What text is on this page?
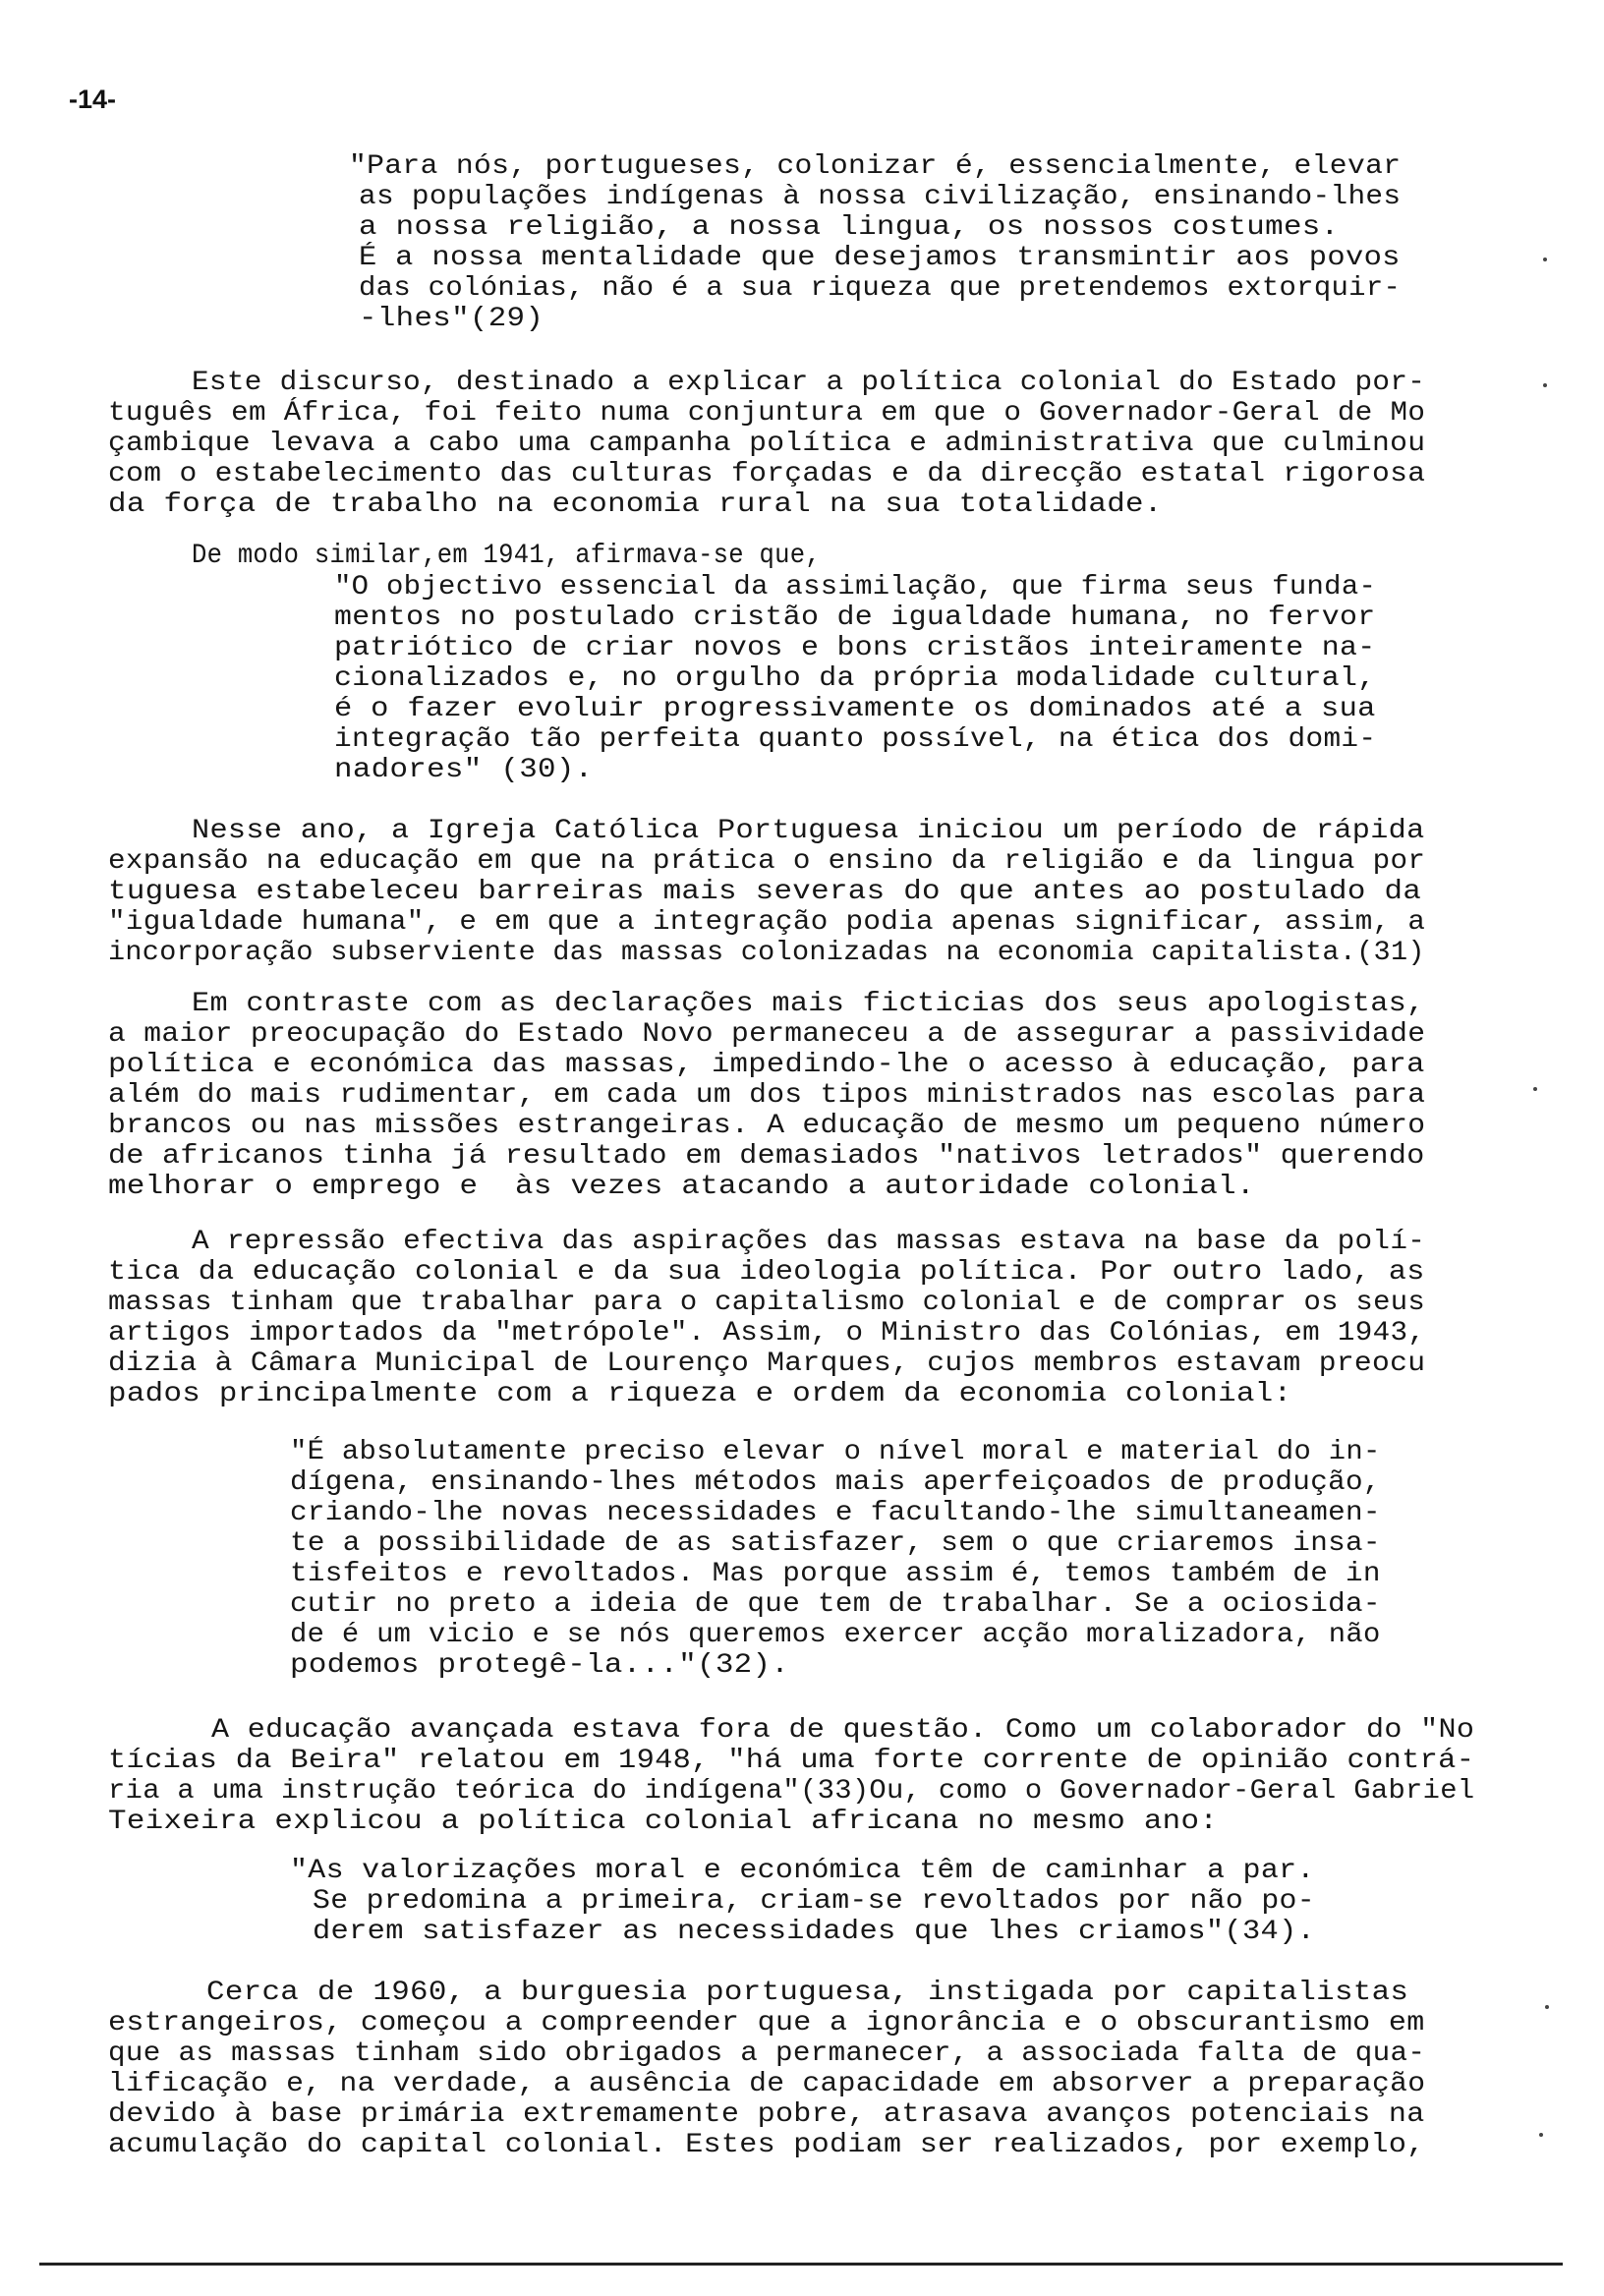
-14-
"Para nós, portugueses, colonizar é, essencialmente, elevar
as populações indígenas à nossa civilização, ensinando-lhes
a nossa religião, a nossa lingua, os nossos costumes.
É a nossa mentalidade que desejamos transmintir aos povos
das colónias, não é a sua riqueza que pretendemos extorquir-
-lhes"(29)
Este discurso, destinado a explicar a política colonial do Estado por-
tuguês em África, foi feito numa conjuntura em que o Governador-Geral de Mo
çambique levava a cabo uma campanha política e administrativa que culminou
com o estabelecimento das culturas forçadas e da direcção estatal rigorosa
da força de trabalho na economia rural na sua totalidade.
De modo similar,em 1941, afirmava-se que,
"O objectivo essencial da assimilação, que firma seus funda-
mentos no postulado cristão de igualdade humana, no fervor
patriótico de criar novos e bons cristãos inteiramente na-
cionalizados e, no orgulho da própria modalidade cultural,
é o fazer evoluir progressivamente os dominados até a sua
integração tão perfeita quanto possível, na ética dos domi-
nadores" (30).
Nesse ano, a Igreja Católica Portuguesa iniciou um período de rápida
expansão na educação em que na prática o ensino da religião e da lingua por
tuguesa estabeleceu barreiras mais severas do que antes ao postulado da
"igualdade humana", e em que a integração podia apenas significar, assim, a
incorporação subserviente das massas colonizadas na economia capitalista.(31)
Em contraste com as declarações mais ficticias dos seus apologistas,
a maior preocupação do Estado Novo permaneceu a de assegurar a passividade
política e económica das massas, impedindo-lhe o acesso à educação, para
além do mais rudimentar, em cada um dos tipos ministrados nas escolas para
brancos ou nas missões estrangeiras. A educação de mesmo um pequeno número
de africanos tinha já resultado em demasiados "nativos letrados" querendo
melhorar o emprego e  às vezes atacando a autoridade colonial.
A repressão efectiva das aspirações das massas estava na base da polí-
tica da educação colonial e da sua ideologia política. Por outro lado, as
massas tinham que trabalhar para o capitalismo colonial e de comprar os seus
artigos importados da "metrópole". Assim, o Ministro das Colónias, em 1943,
dizia à Câmara Municipal de Lourenço Marques, cujos membros estavam preocu
pados principalmente com a riqueza e ordem da economia colonial:
"É absolutamente preciso elevar o nível moral e material do in-
dígena, ensinando-lhes métodos mais aperfeiçoados de produção,
criando-lhe novas necessidades e facultando-lhe simultaneamen-
te a possibilidade de as satisfazer, sem o que criaremos insa-
tisfeitos e revoltados. Mas porque assim é, temos também de in
cutir no preto a ideia de que tem de trabalhar. Se a ociosida-
de é um vicio e se nós queremos exercer acção moralizadora, não
podemos protegê-la..."(32).
A educação avançada estava fora de questão. Como um colaborador do "No
tícias da Beira" relatou em 1948, "há uma forte corrente de opinião contrá-
ria a uma instrução teórica do indígena"(33)Ou, como o Governador-Geral Gabriel
Teixeira explicou a política colonial africana no mesmo ano:
"As valorizações moral e económica têm de caminhar a par.
Se predomina a primeira, criam-se revoltados por não po-
derem satisfazer as necessidades que lhes criamos"(34).
Cerca de 1960, a burguesia portuguesa, instigada por capitalistas
estrangeiros, começou a compreender que a ignorância e o obscurantismo em
que as massas tinham sido obrigados a permanecer, a associada falta de qua-
lificação e, na verdade, a ausência de capacidade em absorver a preparação
devido à base primária extremamente pobre, atrasava avanços potenciais na
acumulação do capital colonial. Estes podiam ser realizados, por exemplo,
